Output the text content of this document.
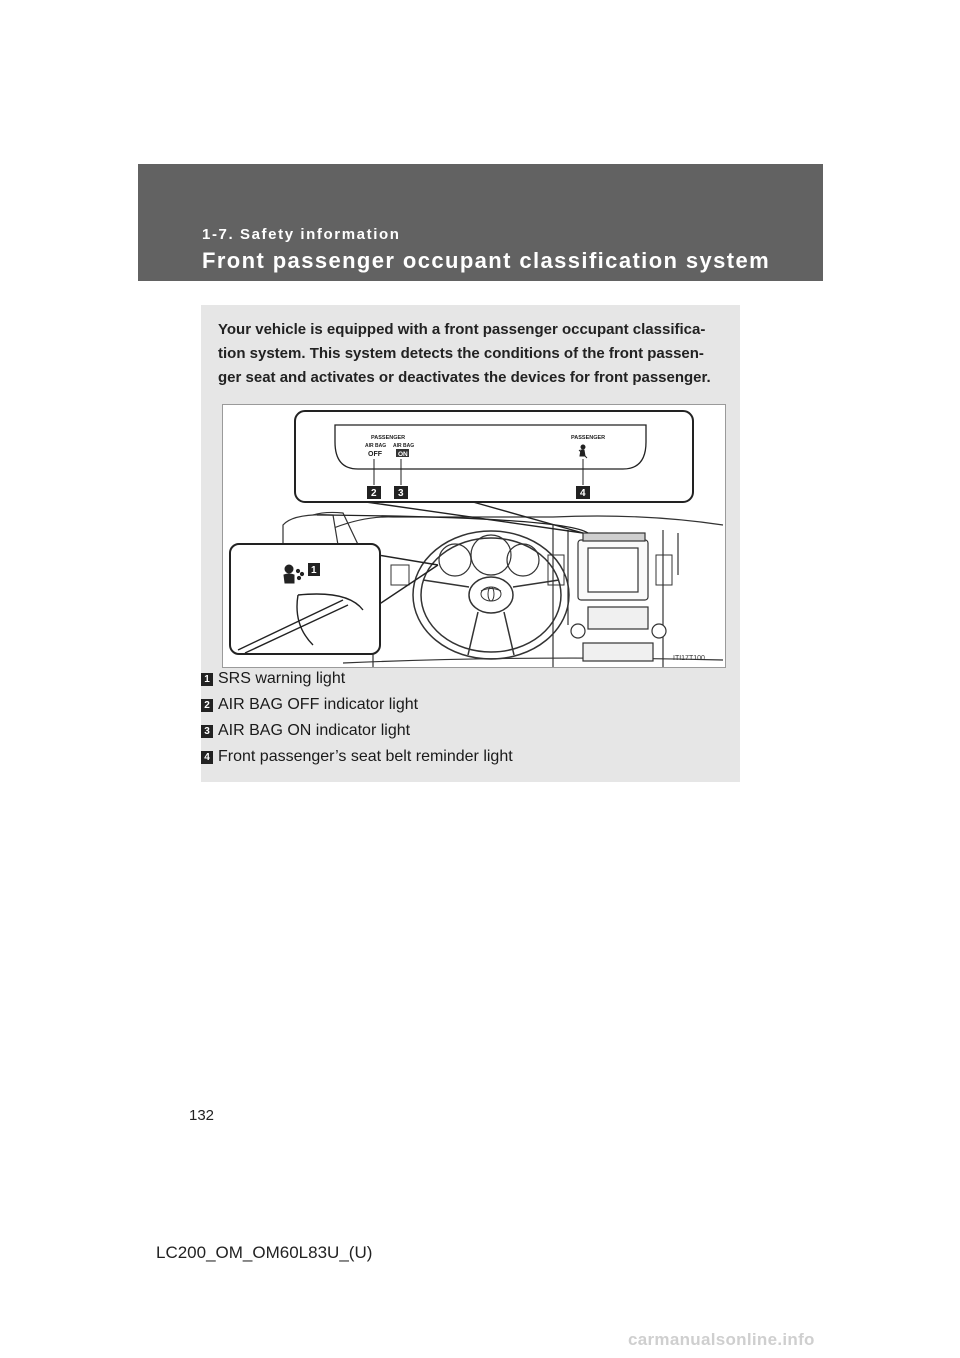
1-7. Safety information
Front passenger occupant classification system
Your vehicle is equipped with a front passenger occupant classifica-
tion system. This system detects the conditions of the front passen-
ger seat and activates or deactivates the devices for front passenger.
PASSENGER
AIR BAG
OFF
AIR BAG
ON
PASSENGER
2 3	4
1
ITI17T100
1 SRS warning light
2 AIR BAG OFF indicator light
3 AIR BAG ON indicator light
4 Front passenger’s seat belt reminder light
132
LC200_OM_OM60L83U_(U)
carmanualsonline.info
